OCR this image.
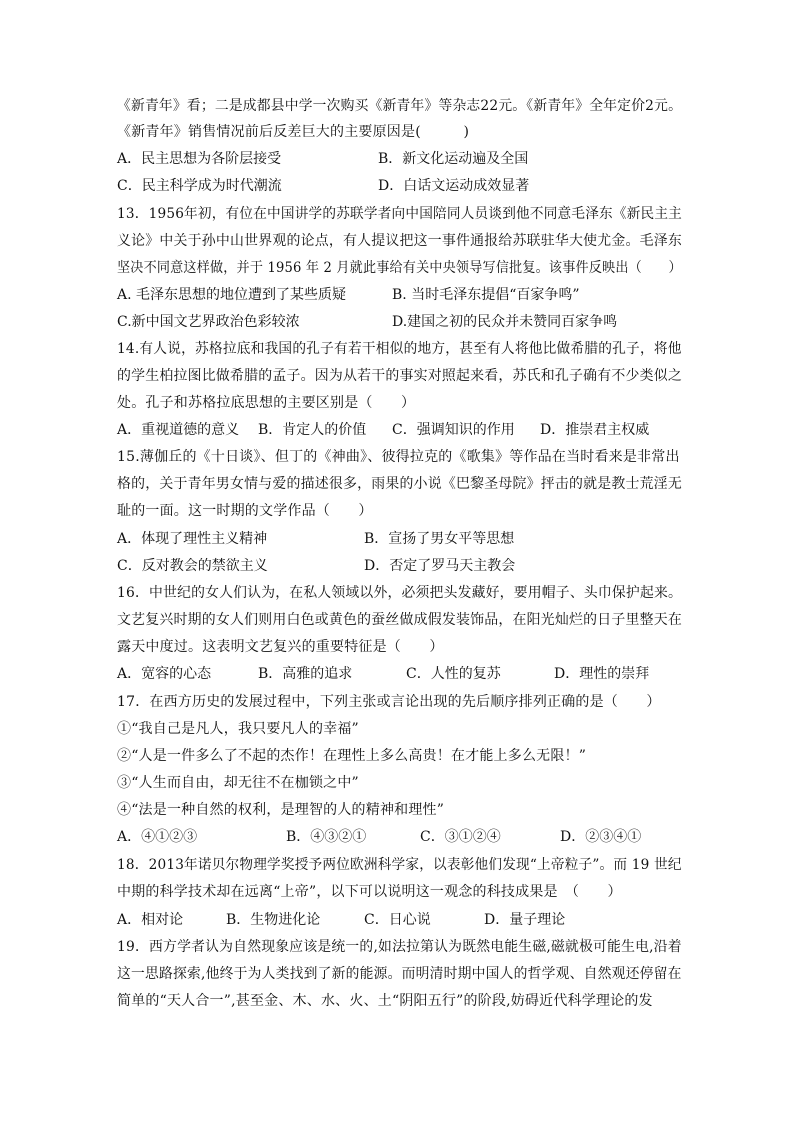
《新青年》看；二是成都县中学一次购买《新青年》等杂志22元。《新青年》全年定价2元。
《新青年》销售情况前后反差巨大的主要原因是(　　　)
A．民主思想为各阶层接受	B．新文化运动遍及全国
C．民主科学成为时代潮流	D．白话文运动成效显著
13．1956年初，有位在中国讲学的苏联学者向中国陪同人员谈到他不同意毛泽东《新民主主
义论》中关于孙中山世界观的论点，有人提议把这一事件通报给苏联驻华大使尤金。毛泽东
坚决不同意这样做，并于 1956 年 2 月就此事给有关中央领导写信批复。该事件反映出（　　）
A. 毛泽东思想的地位遭到了某些质疑	B. 当时毛泽东提倡“百家争鸣”
C.新中国文艺界政治色彩较浓	D.建国之初的民众并未赞同百家争鸣
14.有人说，苏格拉底和我国的孔子有若干相似的地方，甚至有人将他比做希腊的孔子，将他
的学生柏拉图比做希腊的孟子。因为从若干的事实对照起来看，苏氏和孔子确有不少类似之
处。孔子和苏格拉底思想的主要区别是（　　）
A．重视道德的意义 B．肯定人的价值 C．强调知识的作用 D．推崇君主权威
15.薄伽丘的《十日谈》、但丁的《神曲》、彼得拉克的《歌集》等作品在当时看来是非常出
格的，关于青年男女情与爱的描述很多，雨果的小说《巴黎圣母院》抨击的就是教士荒淫无
耻的一面。这一时期的文学作品（　　）
A．体现了理性主义精神	B．宣扬了男女平等思想
C．反对教会的禁欲主义	D．否定了罗马天主教会
16．中世纪的女人们认为，在私人领域以外，必须把头发藏好，要用帽子、头巾保护起来。
文艺复兴时期的女人们则用白色或黄色的蚕丝做成假发装饰品，在阳光灿烂的日子里整天在
露天中度过。这表明文艺复兴的重要特征是（　　）
A．宽容的心态	B．高雅的追求	C．人性的复苏	D．理性的崇拜
17．在西方历史的发展过程中，下列主张或言论出现的先后顺序排列正确的是（　　）
①“我自己是凡人，我只要凡人的幸福”
②“人是一件多么了不起的杰作！在理性上多么高贵！在才能上多么无限！”
③“人生而自由，却无往不在枷锁之中”
④“法是一种自然的权利，是理智的人的精神和理性”
A．④①②③	B．④③②①	C．③①②④	D．②③④①
18．2013年诺贝尔物理学奖授予两位欧洲科学家，以表彰他们发现“上帝粒子”。而 19 世纪
中期的科学技术却在远离“上帝”，以下可以说明这一观念的科技成果是　（　　）
A．相对论	B．生物进化论	C．日心说	D．量子理论
19．西方学者认为自然现象应该是统一的,如法拉第认为既然电能生磁,磁就极可能生电,沿着
这一思路探索,他终于为人类找到了新的能源。而明清时期中国人的哲学观、自然观还停留在
简单的“天人合一”,甚至金、木、水、火、土“阴阳五行”的阶段,妨碍近代科学理论的发
